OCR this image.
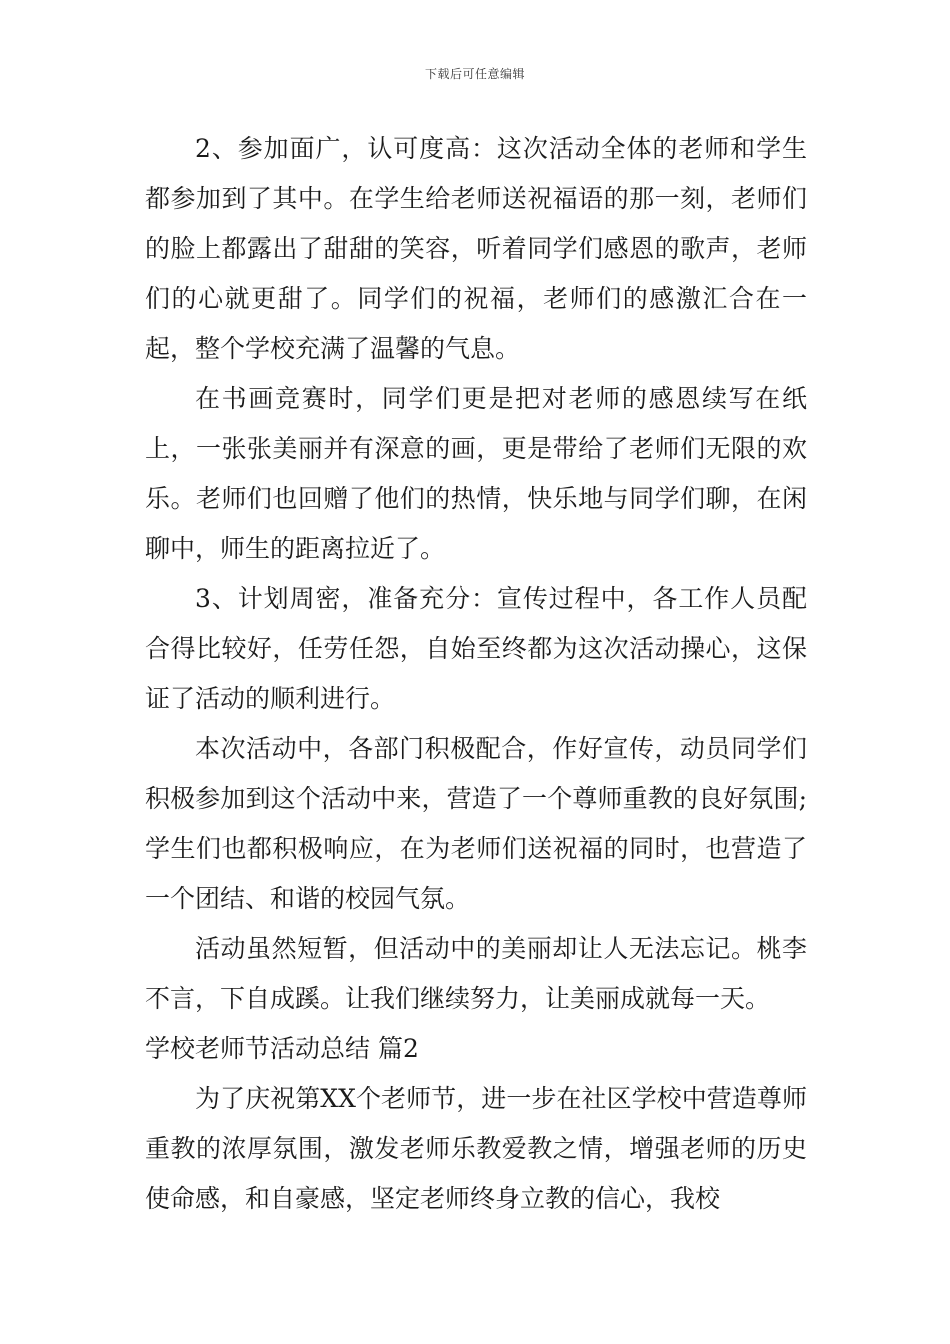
下载后可任意编辑

2、参加面广，认可度高：这次活动全体的老师和学生都参加到了其中。在学生给老师送祝福语的那一刻，老师们的脸上都露出了甜甜的笑容，听着同学们感恩的歌声，老师们的心就更甜了。同学们的祝福，老师们的感激汇合在一起，整个学校充满了温馨的气息。

在书画竞赛时，同学们更是把对老师的感恩续写在纸上，一张张美丽并有深意的画，更是带给了老师们无限的欢乐。老师们也回赠了他们的热情，快乐地与同学们聊，在闲聊中，师生的距离拉近了。

3、计划周密，准备充分：宣传过程中，各工作人员配合得比较好，任劳任怨，自始至终都为这次活动操心，这保证了活动的顺利进行。

本次活动中，各部门积极配合，作好宣传，动员同学们积极参加到这个活动中来，营造了一个尊师重教的良好氛围;学生们也都积极响应，在为老师们送祝福的同时，也营造了一个团结、和谐的校园气氛。

活动虽然短暂，但活动中的美丽却让人无法忘记。桃李不言，下自成蹊。让我们继续努力，让美丽成就每一天。

学校老师节活动总结 篇2

为了庆祝第XX个老师节，进一步在社区学校中营造尊师重教的浓厚氛围，激发老师乐教爱教之情，增强老师的历史使命感，和自豪感，坚定老师终身立教的信心，我校
